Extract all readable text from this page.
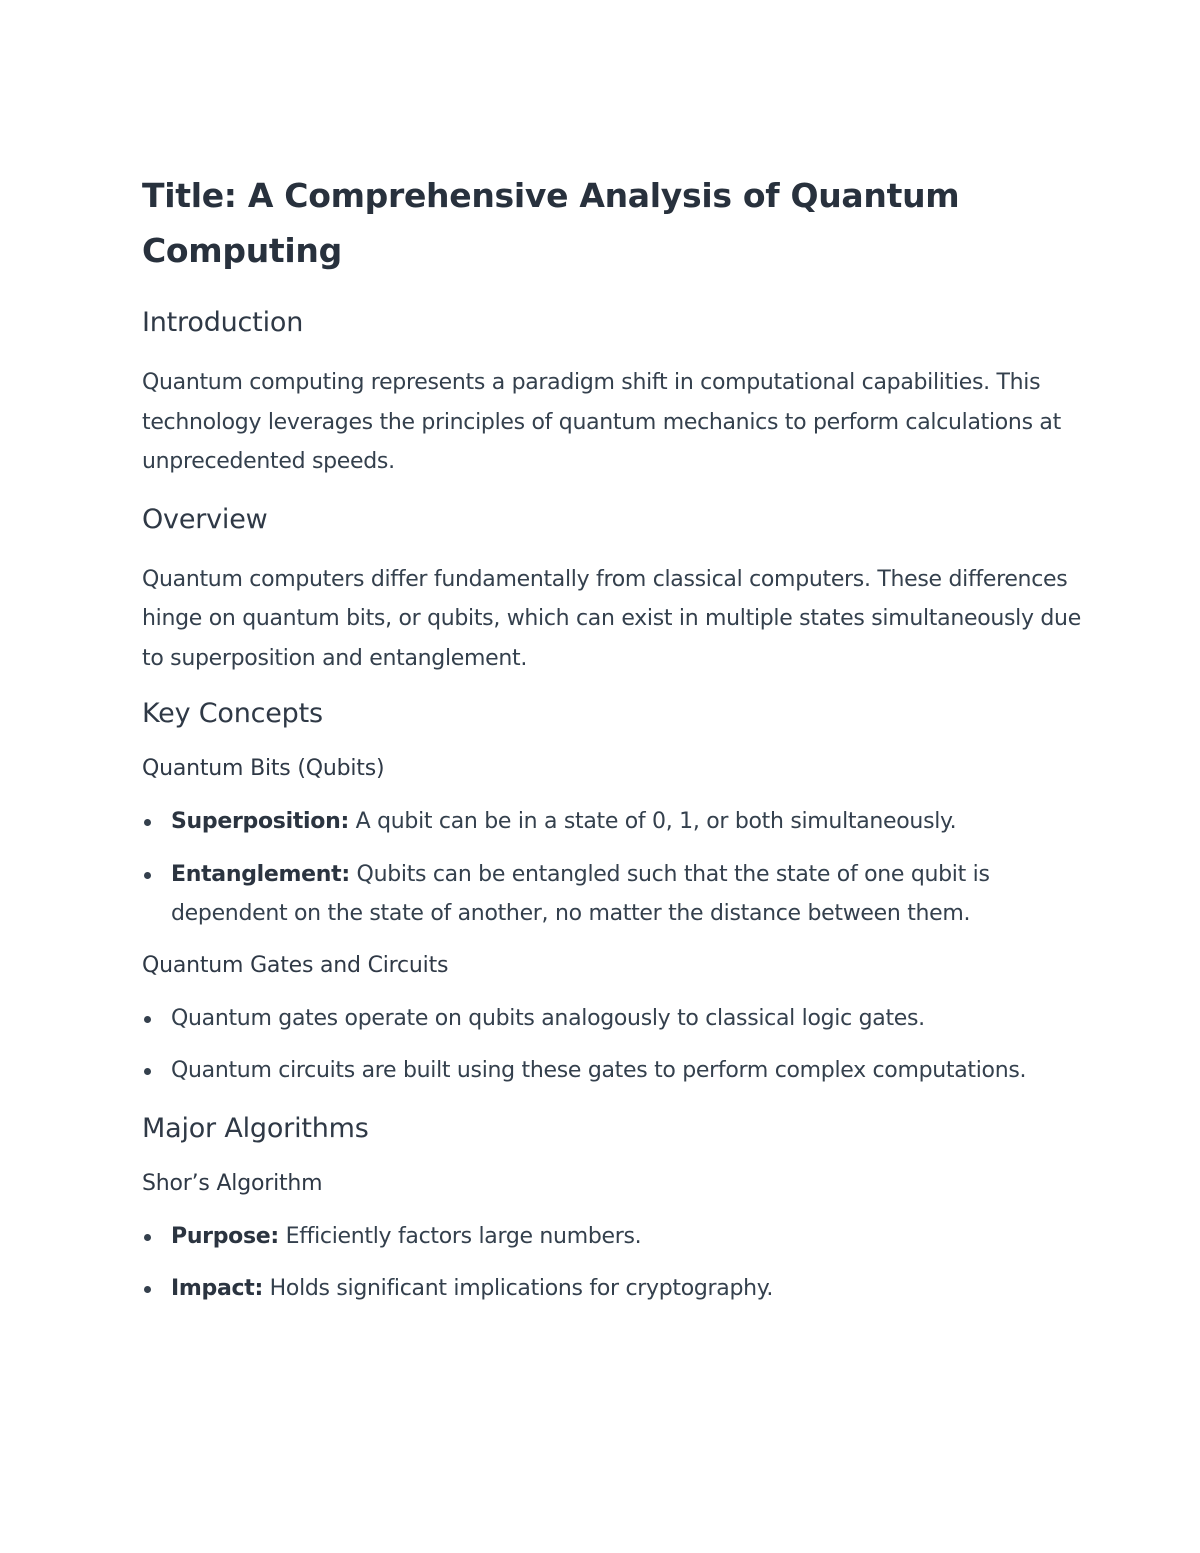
Title: A Comprehensive Analysis of Quantum Computing
Introduction

Quantum computing represents a paradigm shift in computational capabilities. This technology leverages the principles of quantum mechanics to perform calculations at unprecedented speeds.

Overview

Quantum computers differ fundamentally from classical computers. These differences hinge on quantum bits, or qubits, which can exist in multiple states simultaneously due to superposition and entanglement.

Key Concepts
Quantum Bits (Qubits)
Superposition: A qubit can be in a state of 0, 1, or both simultaneously.
Entanglement: Qubits can be entangled such that the state of one qubit is dependent on the state of another, no matter the distance between them.
Quantum Gates and Circuits
Quantum gates operate on qubits analogously to classical logic gates.
Quantum circuits are built using these gates to perform complex computations.
Major Algorithms
Shor’s Algorithm
Purpose: Efficiently factors large numbers.
Impact: Holds significant implications for cryptography.
